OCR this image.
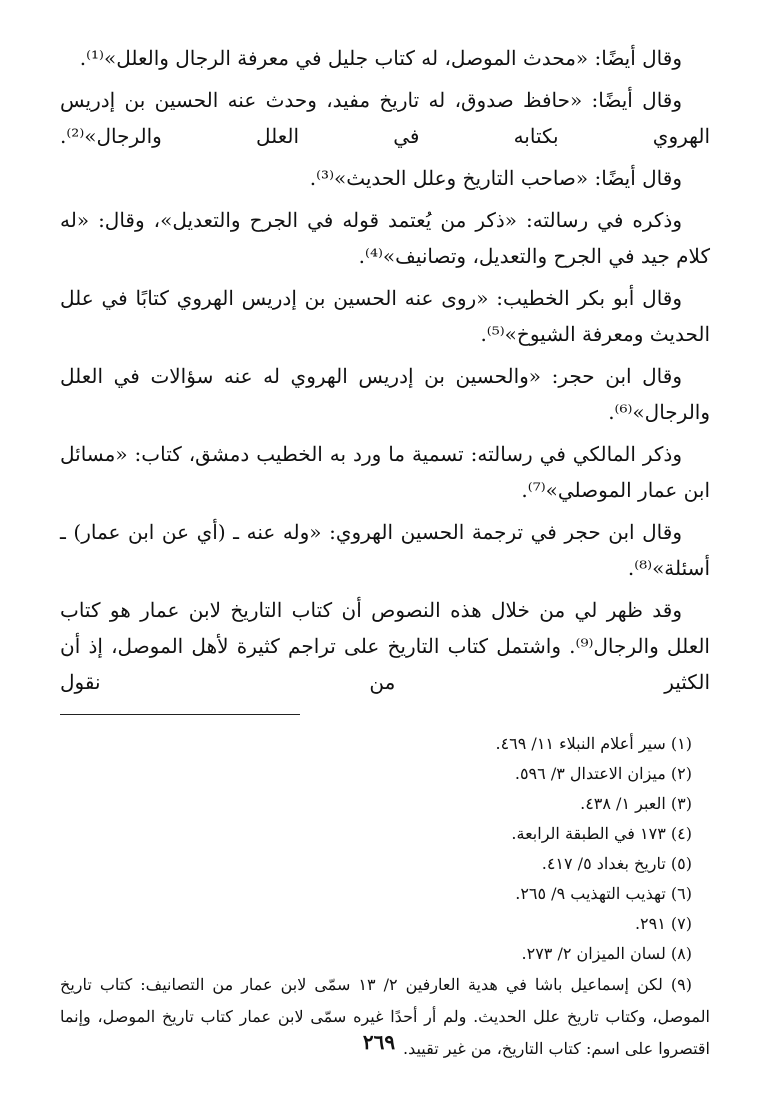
وقال أيضًا: «محدث الموصل، له كتاب جليل في معرفة الرجال والعلل»⁽¹⁾.

وقال أيضًا: «حافظ صدوق، له تاريخ مفيد، وحدث عنه الحسين بن إدريس الهروي بكتابه في العلل والرجال»⁽²⁾.

وقال أيضًا: «صاحب التاريخ وعلل الحديث»⁽³⁾.

وذكره في رسالته: «ذكر من يُعتمد قوله في الجرح والتعديل»، وقال: «له كلام جيد في الجرح والتعديل، وتصانيف»⁽⁴⁾.

وقال أبو بكر الخطيب: «روى عنه الحسين بن إدريس الهروي كتابًا في علل الحديث ومعرفة الشيوخ»⁽⁵⁾.

وقال ابن حجر: «والحسين بن إدريس الهروي له عنه سؤالات في العلل والرجال»⁽⁶⁾.

وذكر المالكي في رسالته: تسمية ما ورد به الخطيب دمشق، كتاب: «مسائل ابن عمار الموصلي»⁽⁷⁾.

وقال ابن حجر في ترجمة الحسين الهروي: «وله عنه ـ (أي عن ابن عمار) ـ أسئلة»⁽⁸⁾.

وقد ظهر لي من خلال هذه النصوص أن كتاب التاريخ لابن عمار هو كتاب العلل والرجال⁽⁹⁾. واشتمل كتاب التاريخ على تراجم كثيرة لأهل الموصل، إذ أن الكثير من نقول

(١) سير أعلام النبلاء ١١/ ٤٦٩.

(٢) ميزان الاعتدال ٣/ ٥٩٦.

(٣) العبر ١/ ٤٣٨.

(٤) ١٧٣ في الطبقة الرابعة.

(٥) تاريخ بغداد ٥/ ٤١٧.

(٦) تهذيب التهذيب ٩/ ٢٦٥.

(٧) ٢٩١.

(٨) لسان الميزان ٢/ ٢٧٣.

(٩) لكن إسماعيل باشا في هدية العارفين ٢/ ١٣ سمّى لابن عمار من التصانيف: كتاب تاريخ الموصل، وكتاب تاريخ علل الحديث. ولم أر أحدًا غيره سمّى لابن عمار كتاب تاريخ الموصل، وإنما اقتصروا على اسم: كتاب التاريخ، من غير تقييد.

٢٦٩
